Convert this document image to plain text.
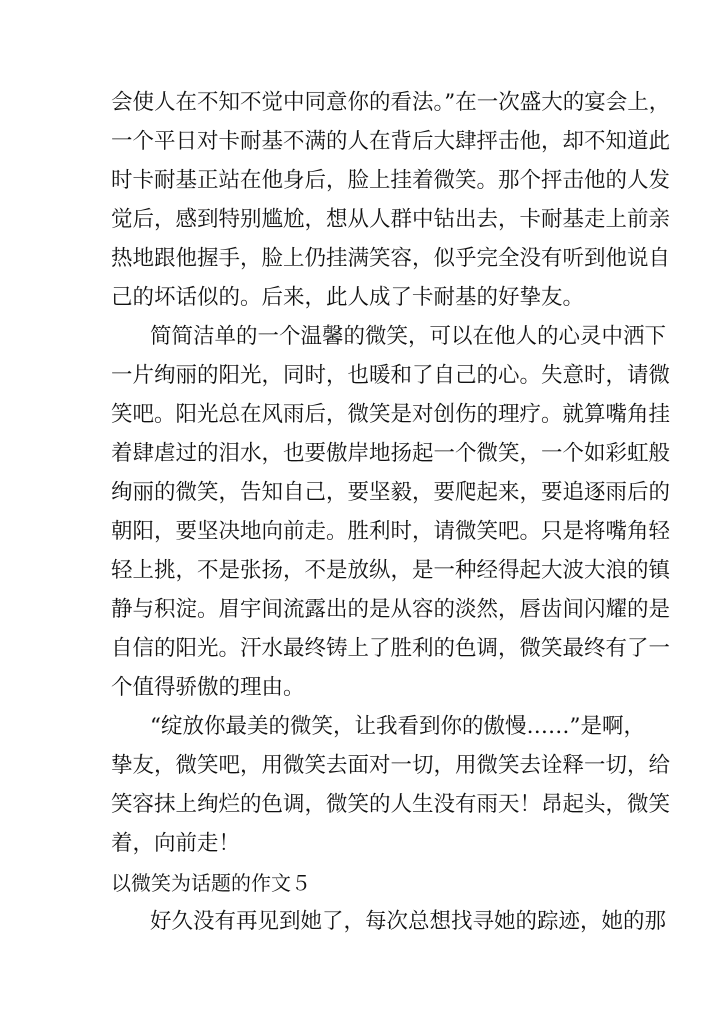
会使人在不知不觉中同意你的看法。”在一次盛大的宴会上，
一个平日对卡耐基不满的人在背后大肆抨击他，却不知道此
时卡耐基正站在他身后，脸上挂着微笑。那个抨击他的人发
觉后，感到特别尴尬，想从人群中钻出去，卡耐基走上前亲
热地跟他握手，脸上仍挂满笑容，似乎完全没有听到他说自
己的坏话似的。后来，此人成了卡耐基的好挚友。
简简洁单的一个温馨的微笑，可以在他人的心灵中洒下
一片绚丽的阳光，同时，也暖和了自己的心。失意时，请微
笑吧。阳光总在风雨后，微笑是对创伤的理疗。就算嘴角挂
着肆虐过的泪水，也要傲岸地扬起一个微笑，一个如彩虹般
绚丽的微笑，告知自己，要坚毅，要爬起来，要追逐雨后的
朝阳，要坚决地向前走。胜利时，请微笑吧。只是将嘴角轻
轻上挑，不是张扬，不是放纵，是一种经得起大波大浪的镇
静与积淀。眉宇间流露出的是从容的淡然，唇齿间闪耀的是
自信的阳光。汗水最终铸上了胜利的色调，微笑最终有了一
个值得骄傲的理由。
“绽放你最美的微笑，让我看到你的傲慢……”是啊，
挚友，微笑吧，用微笑去面对一切，用微笑去诠释一切，给
笑容抹上绚烂的色调，微笑的人生没有雨天！昂起头，微笑
着，向前走！
以微笑为话题的作文５
好久没有再见到她了，每次总想找寻她的踪迹，她的那
